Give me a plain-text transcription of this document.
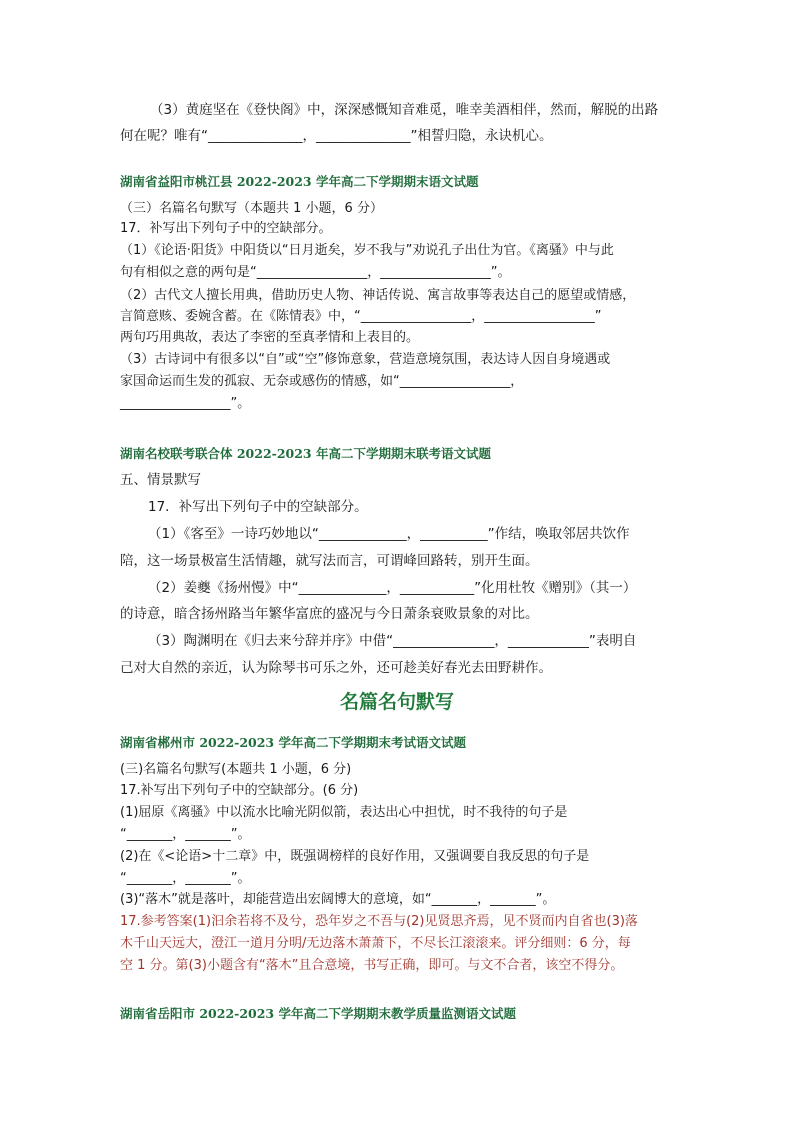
（3）黄庭坚在《登快阁》中，深深感慨知音难觅，唯幸美酒相伴，然而，解脱的出路
何在呢？唯有“______________，______________”相誓归隐，永诀机心。
湖南省益阳市桃江县 2022-2023 学年高二下学期期末语文试题
（三）名篇名句默写（本题共 1 小题，6 分）
17．补写出下列句子中的空缺部分。
（1）《论语·阳货》中阳货以“日月逝矣，岁不我与”劝说孔子出仕为官。《离骚》中与此
句有相似之意的两句是“_________________，_________________”。
（2）古代文人擅长用典，借助历史人物、神话传说、寓言故事等表达自己的愿望或情感，
言简意赅、委婉含蓄。在《陈情表》中，“_________________，_________________”
两句巧用典故，表达了李密的至真孝情和上表目的。
（3）古诗词中有很多以“自”或“空”修饰意象，营造意境氛围，表达诗人因自身境遇或
家国命运而生发的孤寂、无奈或感伤的情感，如“_________________，
_________________”。
湖南名校联考联合体 2022-2023 年高二下学期期末联考语文试题
五、情景默写
17．补写出下列句子中的空缺部分。
（1）《客至》一诗巧妙地以“_____________，__________”作结，唤取邻居共饮作
陪，这一场景极富生活情趣，就写法而言，可谓峰回路转，别开生面。
（2）姜夔《扬州慢》中“_____________，___________”化用杜牧《赠别》（其一）
的诗意，暗含扬州路当年繁华富庶的盛况与今日萧条衰败景象的对比。
（3）陶渊明在《归去来兮辞并序》中借“_______________，____________”表明自
己对大自然的亲近，认为除琴书可乐之外，还可趁美好春光去田野耕作。
名篇名句默写
湖南省郴州市 2022-2023 学年高二下学期期末考试语文试题
(三)名篇名句默写(本题共 1 小题，6 分)
17.补写出下列句子中的空缺部分。(6 分)
(1)屈原《离骚》中以流水比喻光阴似箭，表达出心中担忧，时不我待的句子是
“_______，_______”。
(2)在《<论语>十二章》中，既强调榜样的良好作用，又强调要自我反思的句子是
“_______，_______”。
(3)“落木”就是落叶，却能营造出宏阔博大的意境，如“_______，_______”。
17.参考答案(1)汩余若将不及兮，恐年岁之不吾与(2)见贤思齐焉，见不贤而内自省也(3)落
木千山天远大，澄江一道月分明/无边落木萧萧下，不尽长江滚滚来。评分细则：6 分，每
空 1 分。第(3)小题含有“落木”且合意境，书写正确，即可。与文不合者，该空不得分。
湖南省岳阳市 2022-2023 学年高二下学期期末教学质量监测语文试题
